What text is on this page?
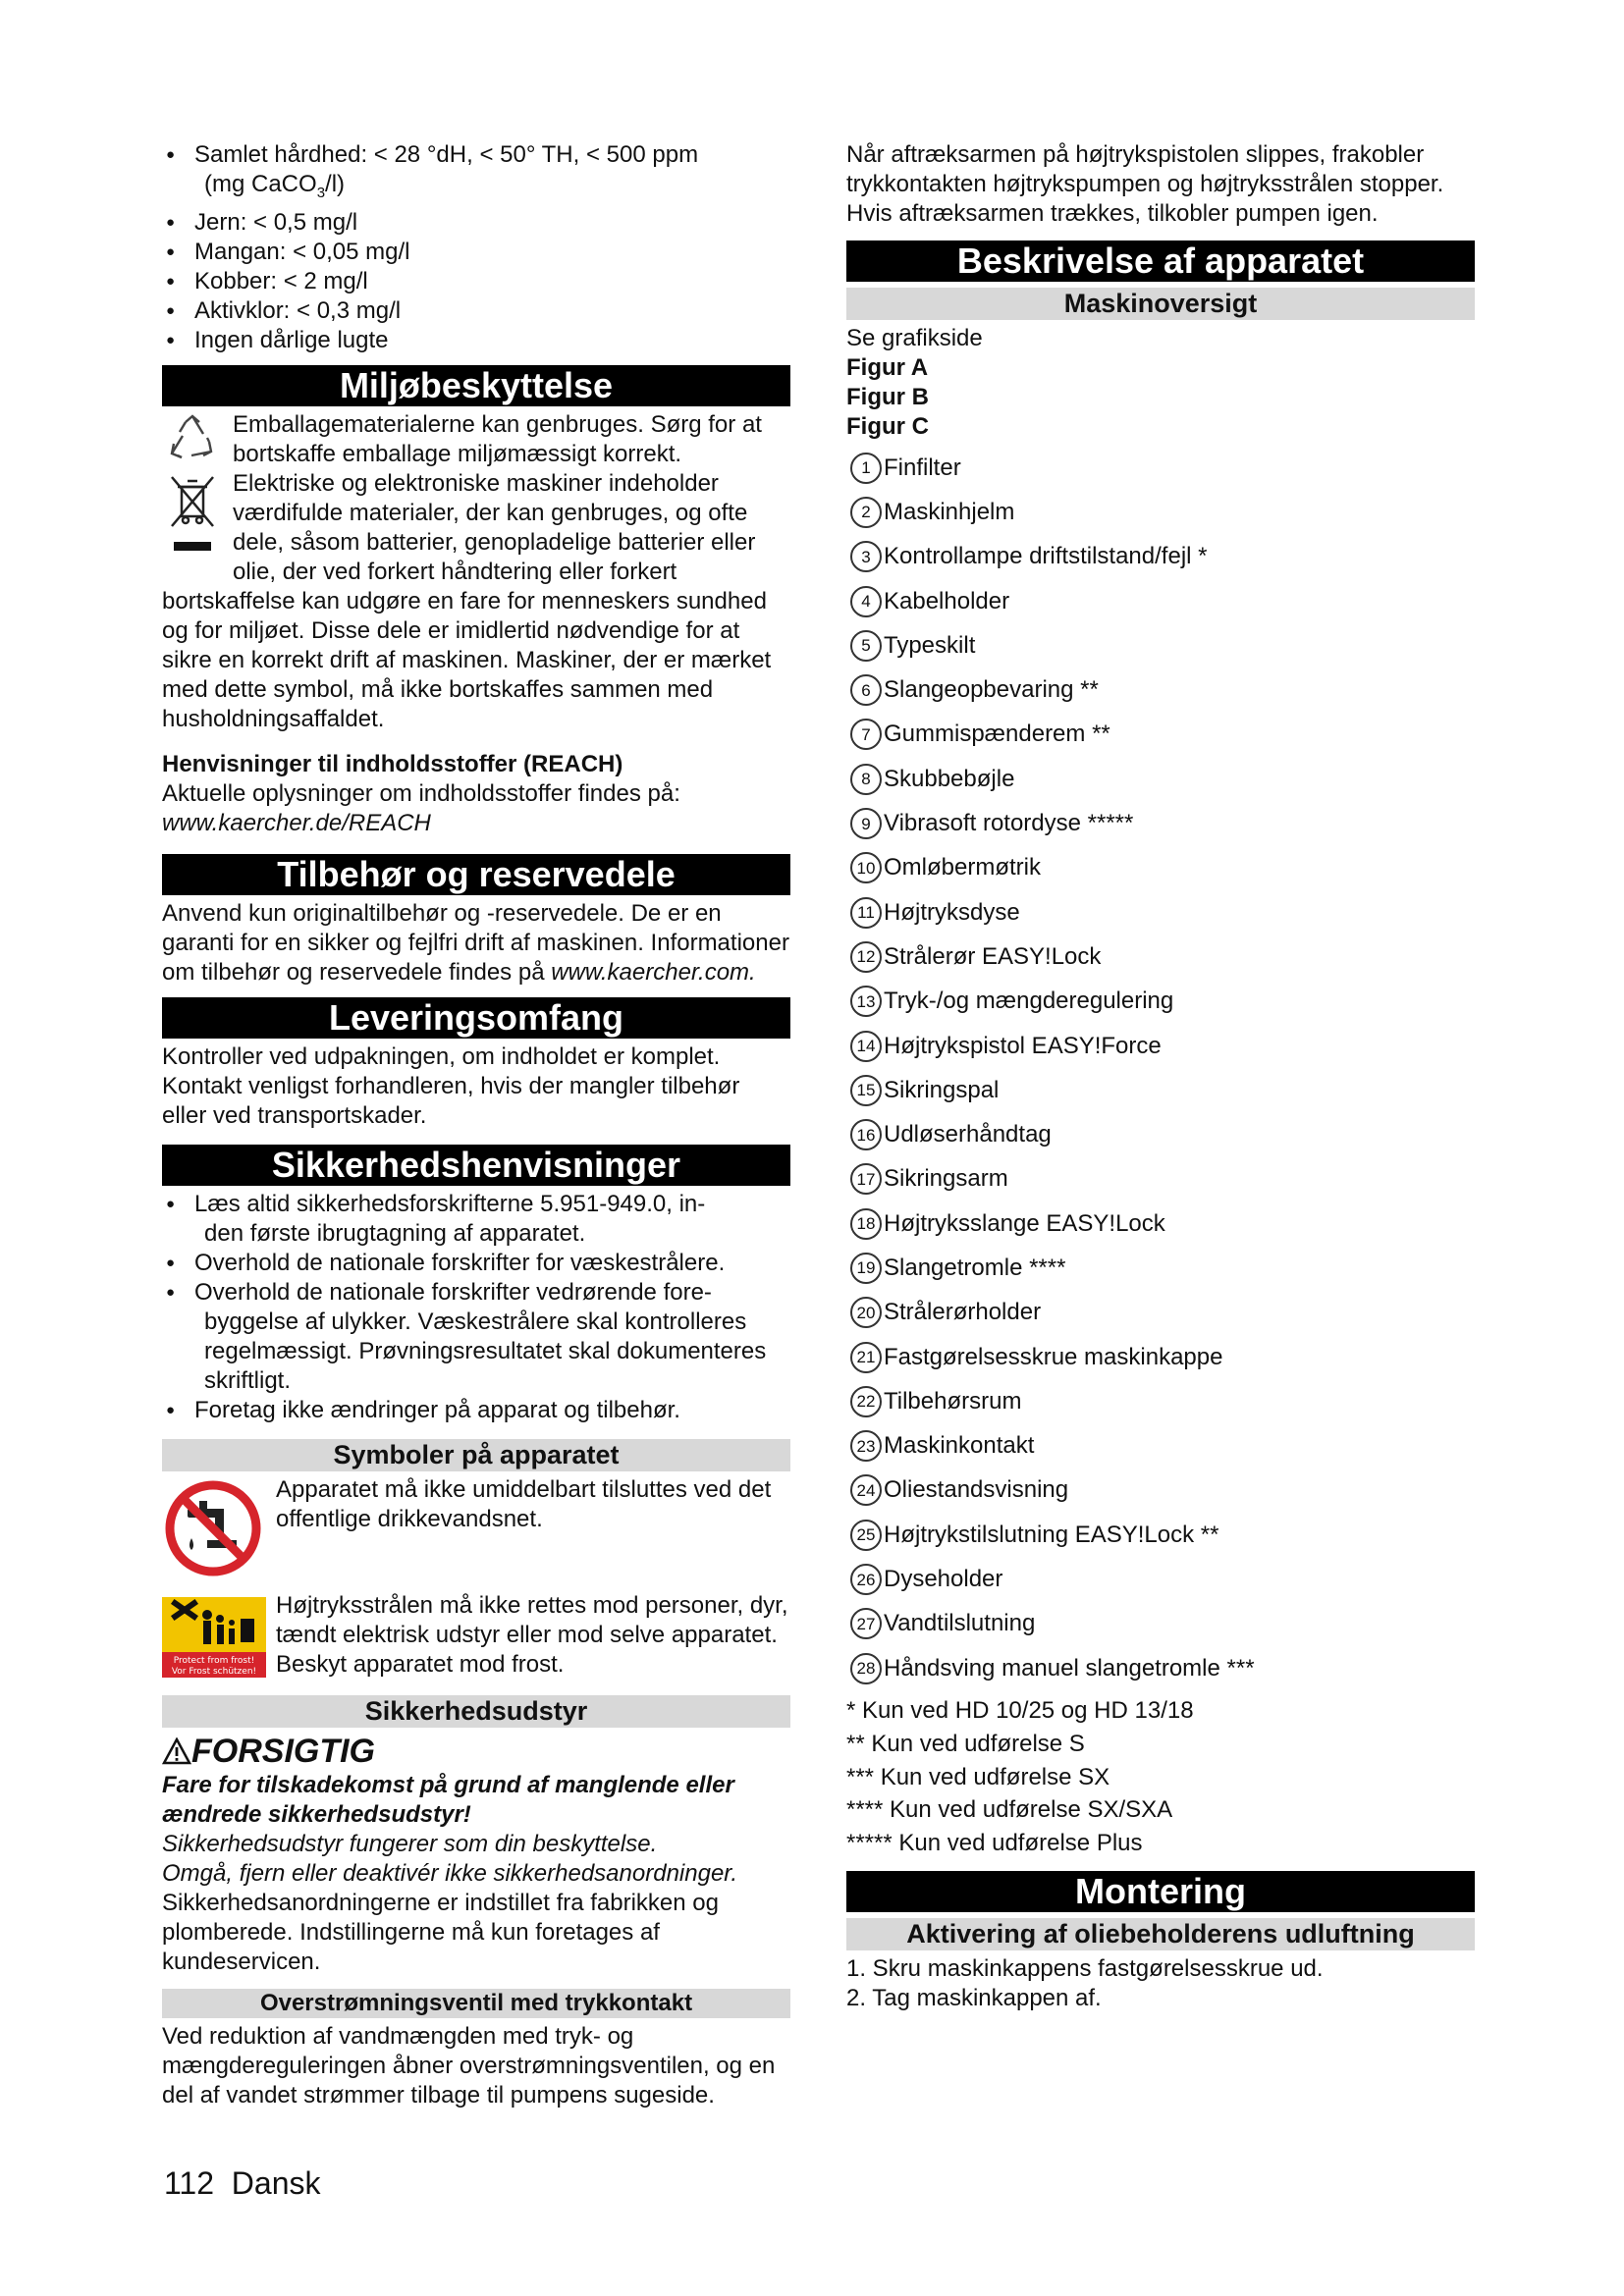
● Samlet hårdhed: < 28 °dH, < 50° TH, < 500 ppm
(mg CaCO$_3$/l)
● Jern: < 0,5 mg/l
● Mangan: < 0,05 mg/l
● Kobber: < 2 mg/l
● Aktivklor: < 0,3 mg/l
● Ingen dårlige lugte
Miljøbeskyttelse

Emballagematerialerne kan genbruges. Sørg for at bortskaffe emballage miljømæssigt korrekt.

Elektriske og elektroniske maskiner indeholder værdifulde materialer, der kan genbruges, og ofte dele, såsom batterier, genopladelige batterier eller olie, der ved forkert håndtering eller forkert

bortskaffelse kan udgøre en fare for menneskers sundhed og for miljøet. Disse dele er imidlertid nødvendige for at sikre en korrekt drift af maskinen. Maskiner, der er mærket med dette symbol, må ikke bortskaffes sammen med husholdningsaffaldet.

Henvisninger til indholdsstoffer (REACH)

Aktuelle oplysninger om indholdsstoffer findes på:

www.kaercher.de/REACH

Tilbehør og reservedele

Anvend kun originaltilbehør og -reservedele. De er en garanti for en sikker og fejlfri drift af maskinen. Informationer om tilbehør og reservedele findes på www.kaercher.com.

Leveringsomfang

Kontroller ved udpakningen, om indholdet er komplet. Kontakt venligst forhandleren, hvis der mangler tilbehør eller ved transportskader.

Sikkerhedshenvisninger
● Læs altid sikkerhedsforskrifterne 5.951-949.0, in-
den første ibrugtagning af apparatet.
● Overhold de nationale forskrifter for væskestrålere.
● Overhold de nationale forskrifter vedrørende fore-
byggelse af ulykker. Væskestrålere skal kontrolleres regelmæssigt. Prøvningsresultatet skal dokumenteres skriftligt.
● Foretag ikke ændringer på apparat og tilbehør.
Symboler på apparatet

Apparatet må ikke umiddelbart tilsluttes ved det offentlige drikkevandsnet.

Protect from frost!
Vor Frost schützen!

Højtryksstrålen må ikke rettes mod personer, dyr, tændt elektrisk udstyr eller mod selve apparatet. Beskyt apparatet mod frost.

Sikkerhedsudstyr
FORSIGTIG

Fare for tilskadekomst på grund af manglende eller ændrede sikkerhedsudstyr!

Sikkerhedsudstyr fungerer som din beskyttelse.

Omgå, fjern eller deaktivér ikke sikkerhedsanordninger.

Sikkerhedsanordningerne er indstillet fra fabrikken og plomberede. Indstillingerne må kun foretages af kundeservicen.

Overstrømningsventil med trykkontakt

Ved reduktion af vandmængden med tryk- og mængdereguleringen åbner overstrømningsventilen, og en del af vandet strømmer tilbage til pumpens sugeside.

Når aftræksarmen på højtrykspistolen slippes, frakobler trykkontakten højtrykspumpen og højtryksstrålen stopper.

Hvis aftræksarmen trækkes, tilkobler pumpen igen.

Beskrivelse af apparatet
Maskinoversigt

Se grafikside

Figur A

Figur B

Figur C

1 Finfilter
2 Maskinhjelm
3 Kontrollampe driftstilstand/fejl *
4 Kabelholder
5 Typeskilt
6 Slangeopbevaring **
7 Gummispænderem **
8 Skubbebøjle
9 Vibrasoft rotordyse *****
10 Omløbermøtrik
11 Højtryksdyse
12 Strålerør EASY!Lock
13 Tryk-/og mængderegulering
14 Højtrykspistol EASY!Force
15 Sikringspal
16 Udløserhåndtag
17 Sikringsarm
18 Højtryksslange EASY!Lock
19 Slangetromle ****
20 Strålerørholder
21 Fastgørelsesskrue maskinkappe
22 Tilbehørsrum
23 Maskinkontakt
24 Oliestandsvisning
25 Højtrykstilslutning EASY!Lock **
26 Dyseholder
27 Vandtilslutning
28 Håndsving manuel slangetromle ***

* Kun ved HD 10/25 og HD 13/18

** Kun ved udførelse S

*** Kun ved udførelse SX

**** Kun ved udførelse SX/SXA

***** Kun ved udførelse Plus

Montering
Aktivering af oliebeholderens udluftning
1. Skru maskinkappens fastgørelsesskrue ud.
2. Tag maskinkappen af.
112 Dansk
